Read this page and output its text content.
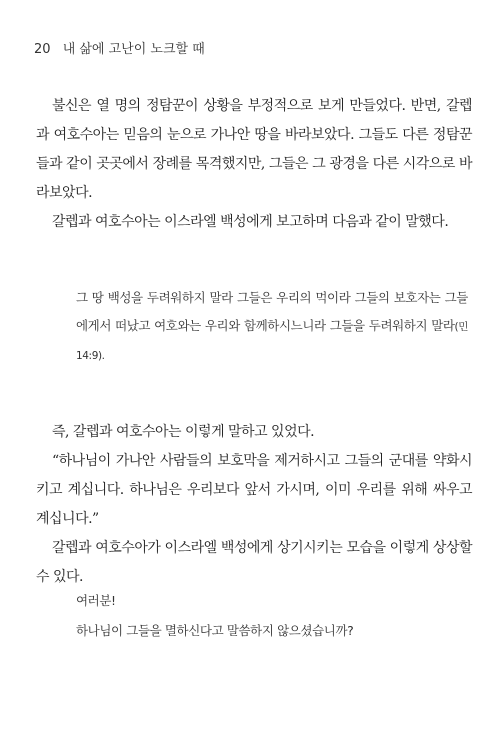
20 내 삶에 고난이 노크할 때

불신은 열 명의 정탐꾼이 상황을 부정적으로 보게 만들었다. 반면, 갈렙과 여호수아는 믿음의 눈으로 가나안 땅을 바라보았다. 그들도 다른 정탐꾼들과 같이 곳곳에서 장례를 목격했지만, 그들은 그 광경을 다른 시각으로 바라보았다.

갈렙과 여호수아는 이스라엘 백성에게 보고하며 다음과 같이 말했다.

그 땅 백성을 두려워하지 말라 그들은 우리의 먹이라 그들의 보호자는 그들에게서 떠났고 여호와는 우리와 함께하시느니라 그들을 두려워하지 말라(민 14:9).

즉, 갈렙과 여호수아는 이렇게 말하고 있었다.

“하나님이 가나안 사람들의 보호막을 제거하시고 그들의 군대를 약화시키고 계십니다. 하나님은 우리보다 앞서 가시며, 이미 우리를 위해 싸우고 계십니다.”

갈렙과 여호수아가 이스라엘 백성에게 상기시키는 모습을 이렇게 상상할 수 있다.

여러분!
하나님이 그들을 멸하신다고 말씀하지 않으셨습니까?
